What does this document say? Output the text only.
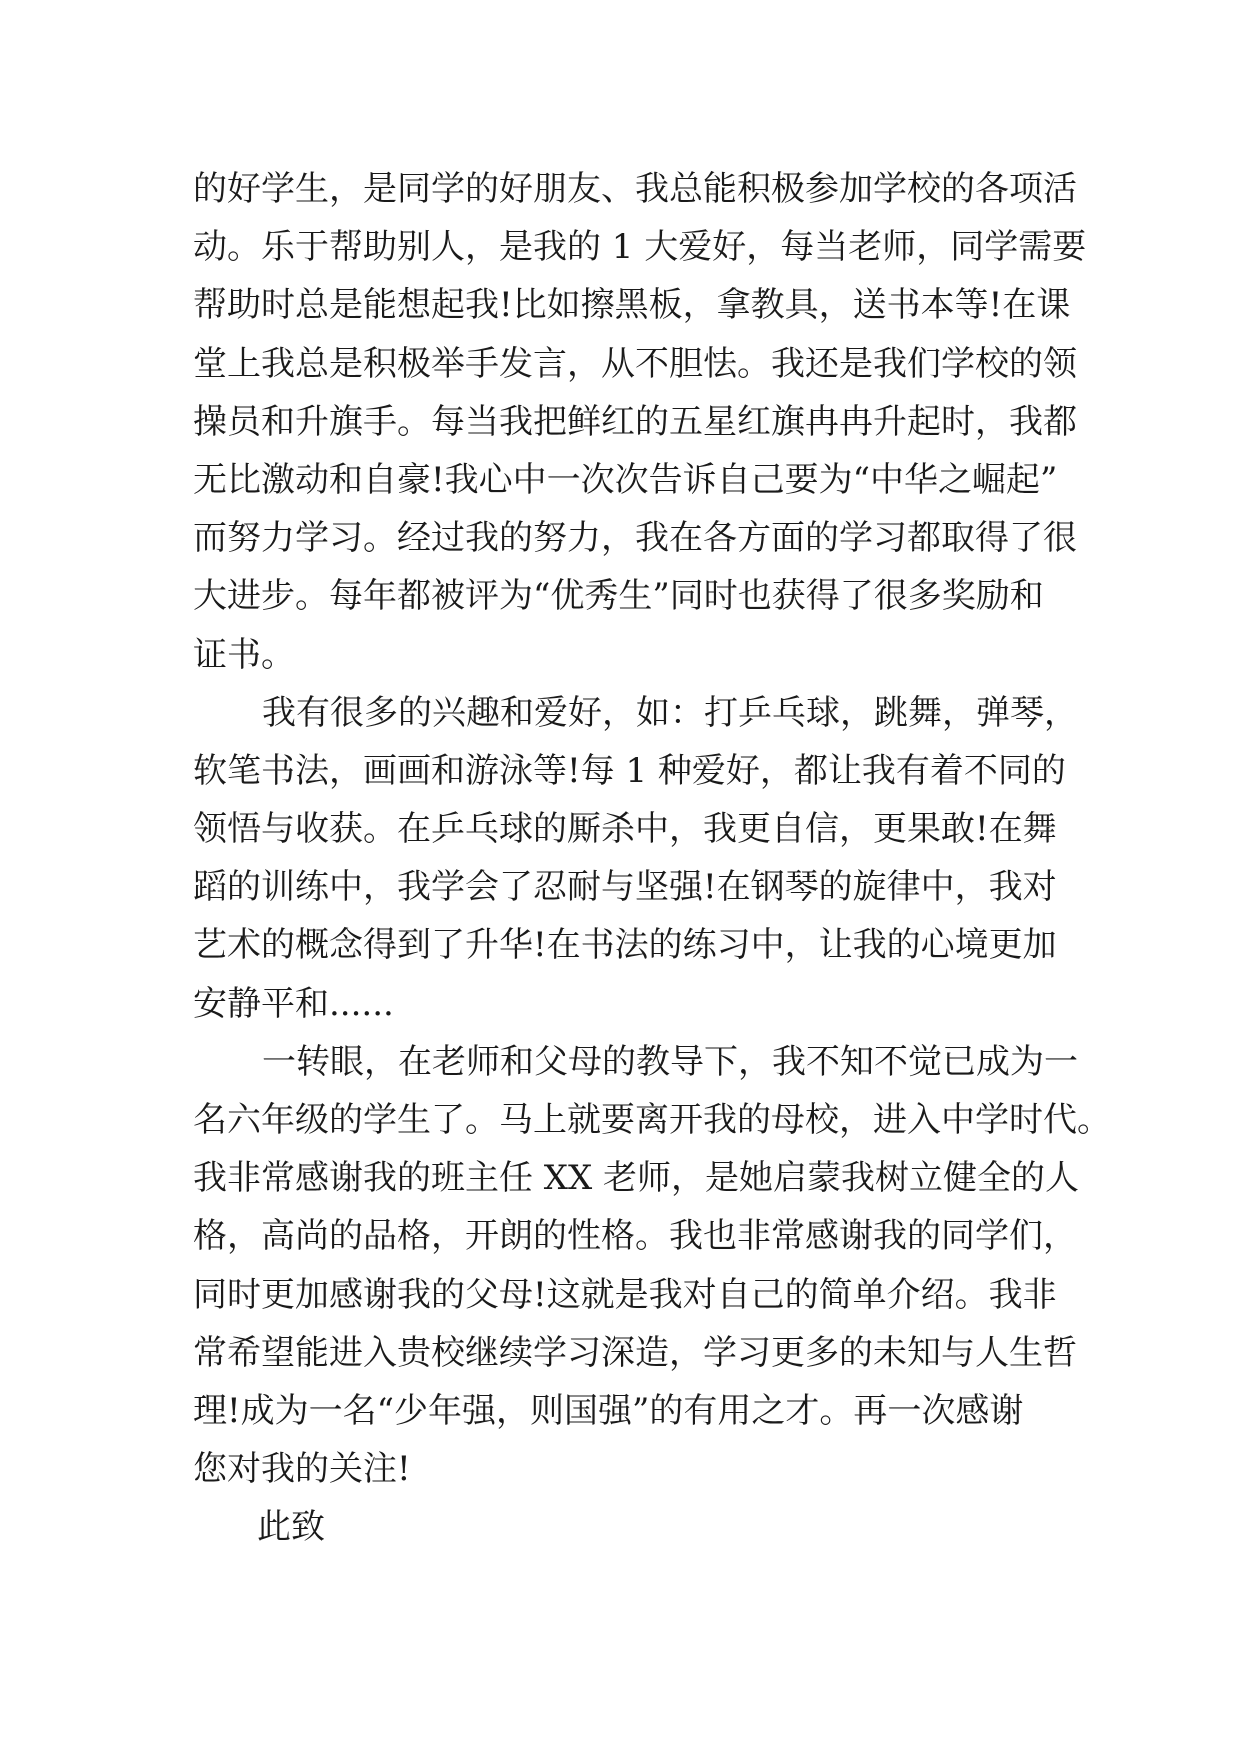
的好学生，是同学的好朋友、我总能积极参加学校的各项活
动。乐于帮助别人，是我的 1 大爱好，每当老师，同学需要
帮助时总是能想起我!比如擦黑板，拿教具，送书本等!在课
堂上我总是积极举手发言，从不胆怯。我还是我们学校的领
操员和升旗手。每当我把鲜红的五星红旗冉冉升起时，我都
无比激动和自豪!我心中一次次告诉自己要为“中华之崛起”
而努力学习。经过我的努力，我在各方面的学习都取得了很
大进步。每年都被评为“优秀生”同时也获得了很多奖励和
证书。
我有很多的兴趣和爱好，如：打乒乓球，跳舞，弹琴，
软笔书法，画画和游泳等!每 1 种爱好，都让我有着不同的
领悟与收获。在乒乓球的厮杀中，我更自信，更果敢!在舞
蹈的训练中，我学会了忍耐与坚强!在钢琴的旋律中，我对
艺术的概念得到了升华!在书法的练习中，让我的心境更加
安静平和......
一转眼，在老师和父母的教导下，我不知不觉已成为一
名六年级的学生了。马上就要离开我的母校，进入中学时代。
我非常感谢我的班主任 XX 老师，是她启蒙我树立健全的人
格，高尚的品格，开朗的性格。我也非常感谢我的同学们，
同时更加感谢我的父母!这就是我对自己的简单介绍。我非
常希望能进入贵校继续学习深造，学习更多的未知与人生哲
理!成为一名“少年强，则国强”的有用之才。再一次感谢
您对我的关注!
此致
